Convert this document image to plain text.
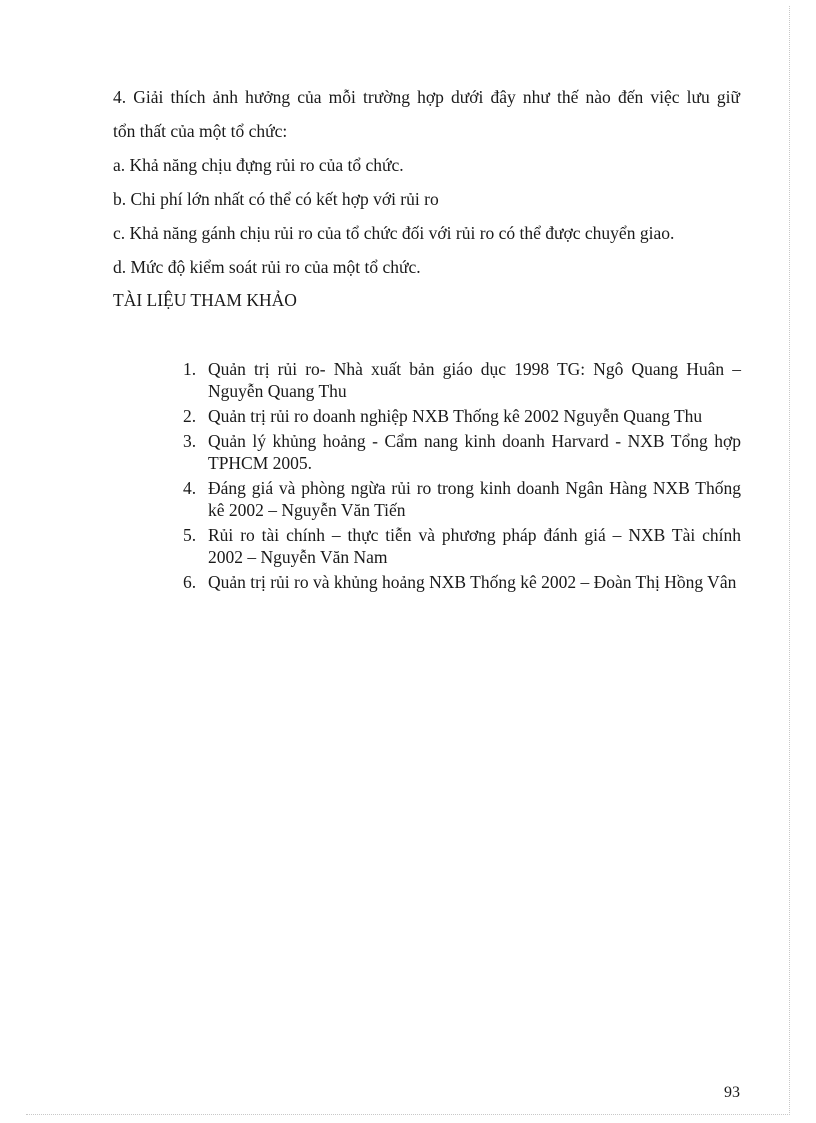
4. Giải thích ảnh hưởng của mỗi trường hợp dưới đây như thế nào đến việc lưu giữ

tổn thất của một tổ chức:

a. Khả năng chịu đựng rủi ro của tổ chức.

b. Chi phí lớn nhất có thể có kết hợp với rủi ro

c. Khả năng gánh chịu rủi ro của tổ chức đối với rủi ro có thể được chuyển giao.

d. Mức độ kiểm soát rủi ro của một tổ chức.

TÀI LIỆU THAM KHẢO
1. Quản trị rủi ro- Nhà xuất bản giáo dục 1998 TG: Ngô Quang Huân – Nguyễn Quang Thu
2. Quản trị rủi ro doanh nghiệp NXB Thống kê 2002 Nguyễn Quang Thu
3. Quản lý khủng hoảng - Cẩm nang kinh doanh Harvard - NXB Tổng hợp TPHCM 2005.
4. Đáng giá và phòng ngừa rủi ro trong kinh doanh Ngân Hàng NXB Thống kê 2002 – Nguyễn Văn Tiến
5. Rủi ro tài chính – thực tiễn và phương pháp đánh giá – NXB Tài chính 2002 – Nguyễn Văn Nam
6. Quản trị rủi ro và khủng hoảng NXB Thống kê 2002 – Đoàn Thị Hồng Vân
93
